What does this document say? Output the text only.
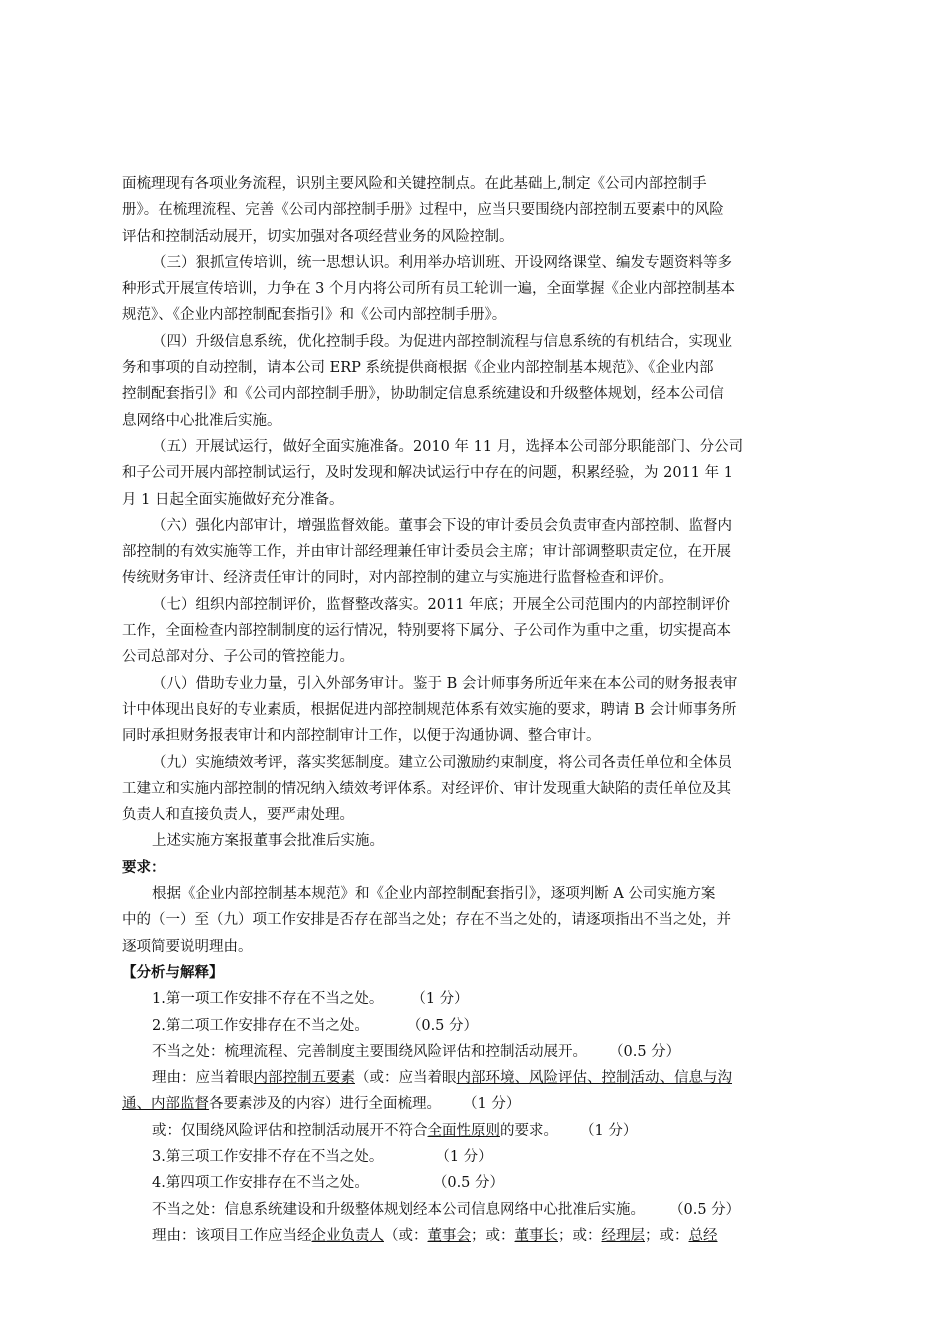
面梳理现有各项业务流程，识别主要风险和关键控制点。在此基础上,制定《公司内部控制手
册》。在梳理流程、完善《公司内部控制手册》过程中，应当只要围绕内部控制五要素中的风险
评估和控制活动展开，切实加强对各项经营业务的风险控制。
（三）狠抓宣传培训，统一思想认识。利用举办培训班、开设网络课堂、编发专题资料等多
种形式开展宣传培训，力争在 3 个月内将公司所有员工轮训一遍，全面掌握《企业内部控制基本
规范》、《企业内部控制配套指引》和《公司内部控制手册》。
（四）升级信息系统，优化控制手段。为促进内部控制流程与信息系统的有机结合，实现业
务和事项的自动控制，请本公司 ERP 系统提供商根据《企业内部控制基本规范》、《企业内部
控制配套指引》和《公司内部控制手册》，协助制定信息系统建设和升级整体规划，经本公司信
息网络中心批准后实施。
（五）开展试运行，做好全面实施准备。2010 年 11 月，选择本公司部分职能部门、分公司
和子公司开展内部控制试运行，及时发现和解决试运行中存在的问题，积累经验，为 2011 年 1
月 1 日起全面实施做好充分准备。
（六）强化内部审计，增强监督效能。董事会下设的审计委员会负责审查内部控制、监督内
部控制的有效实施等工作，并由审计部经理兼任审计委员会主席；审计部调整职责定位，在开展
传统财务审计、经济责任审计的同时，对内部控制的建立与实施进行监督检查和评价。
（七）组织内部控制评价，监督整改落实。2011 年底；开展全公司范围内的内部控制评价
工作，全面检查内部控制制度的运行情况，特别要将下属分、子公司作为重中之重，切实提高本
公司总部对分、子公司的管控能力。
（八）借助专业力量，引入外部务审计。鉴于 B 会计师事务所近年来在本公司的财务报表审
计中体现出良好的专业素质，根据促进内部控制规范体系有效实施的要求，聘请 B 会计师事务所
同时承担财务报表审计和内部控制审计工作，以便于沟通协调、整合审计。
（九）实施绩效考评，落实奖惩制度。建立公司激励约束制度，将公司各责任单位和全体员
工建立和实施内部控制的情况纳入绩效考评体系。对经评价、审计发现重大缺陷的责任单位及其
负责人和直接负责人，要严肃处理。
上述实施方案报董事会批准后实施。
要求：
根据《企业内部控制基本规范》和《企业内部控制配套指引》，逐项判断 A 公司实施方案
中的（一）至（九）项工作安排是否存在部当之处；存在不当之处的，请逐项指出不当之处，并
逐项简要说明理由。
【分析与解释】
1.第一项工作安排不存在不当之处。 （1 分）
2.第二项工作安排存在不当之处。	（0.5 分）
不当之处：梳理流程、完善制度主要围绕风险评估和控制活动展开。 （0.5 分）
理由：应当着眼内部控制五要素（或：应当着眼内部环境、风险评估、控制活动、信息与沟
通、内部监督各要素涉及的内容）进行全面梳理。 （1 分）
或：仅围绕风险评估和控制活动展开不符合全面性原则的要求。 （1 分）
3.第三项工作安排不存在不当之处。	（1 分）
4.第四项工作安排存在不当之处。	（0.5 分）
不当之处：信息系统建设和升级整体规划经本公司信息网络中心批准后实施。 （0.5 分）
理由：该项目工作应当经企业负责人（或：董事会；或：董事长；或：经理层；或：总经
